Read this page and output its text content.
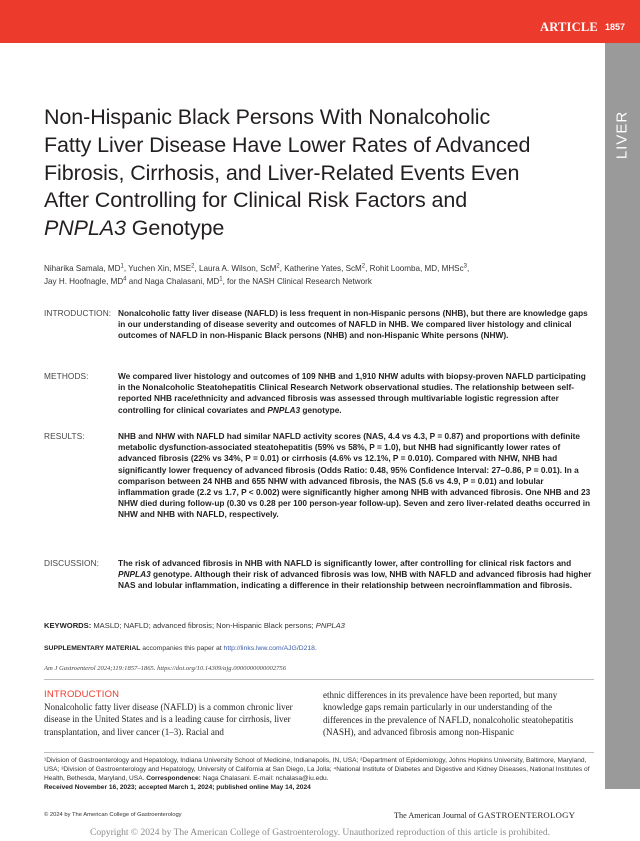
ARTICLE 1857
LIVER
Non-Hispanic Black Persons With Nonalcoholic
Fatty Liver Disease Have Lower Rates of Advanced
Fibrosis, Cirrhosis, and Liver-Related Events Even
After Controlling for Clinical Risk Factors and
PNPLA3 Genotype
Niharika Samala, $MD^1$, Yuchen Xin, MSE$^2$, Laura A. Wilson, ScM$^2$, Katherine Yates, ScM$^2$, Rohit Loomba, MD, MHSc$^3$,
Jay H. Hoofnagle, $MD^4$ and Naga Chalasani, $MD^1$, for the NASH Clinical Research Network
INTRODUCTION: Nonalcoholic fatty liver disease (NAFLD) is less frequent in non-Hispanic persons (NHB), but there are knowledge gaps in our understanding of disease severity and outcomes of NAFLD in NHB. We compared liver histology and clinical outcomes of NAFLD in non-Hispanic Black persons (NHB) and non-Hispanic White persons (NHW).
METHODS:	We compared liver histology and outcomes of 109 NHB and 1,910 NHW adults with biopsy-proven NAFLD participating in the Nonalcoholic Steatohepatitis Clinical Research Network observational studies. The relationship between self-reported NHB race/ethnicity and advanced fibrosis was assessed through multivariable logistic regression after controlling for clinical covariates and PNPLA3 genotype.
RESULTS:	NHB and NHW with NAFLD had similar NAFLD activity scores (NAS, 4.4 vs 4.3, P = 0.87) and proportions with definite metabolic dysfunction-associated steatohepatitis (59% vs 58%, P = 1.0), but NHB had significantly lower rates of advanced fibrosis (22% vs 34%, P = 0.01) or cirrhosis (4.6% vs 12.1%, P = 0.010). Compared with NHW, NHB had significantly lower frequency of advanced fibrosis (Odds Ratio: 0.48, 95% Confidence Interval: 27–0.86, P = 0.01). In a comparison between 24 NHB and 655 NHW with advanced fibrosis, the NAS (5.6 vs 4.9, P = 0.01) and lobular inflammation grade (2.2 vs 1.7, P < 0.002) were significantly higher among NHB with advanced fibrosis. One NHB and 23 NHW died during follow-up (0.30 vs 0.28 per 100 person-year follow-up). Seven and zero liver-related deaths occurred in NHW and NHB with NAFLD, respectively.
DISCUSSION: The risk of advanced fibrosis in NHB with NAFLD is significantly lower, after controlling for clinical risk factors and PNPLA3 genotype. Although their risk of advanced fibrosis was low, NHB with NAFLD and advanced fibrosis had higher NAS and lobular inflammation, indicating a difference in their relationship between necroinflammation and fibrosis.
KEYWORDS: MASLD; NAFLD; advanced fibrosis; Non-Hispanic Black persons; PNPLA3
SUPPLEMENTARY MATERIAL accompanies this paper at http://links.lww.com/AJG/D218.
Am J Gastroenterol 2024;119:1857–1865. https://doi.org/10.14309/ajg.0000000000002756
INTRODUCTION

Nonalcoholic fatty liver disease (NAFLD) is a common chronic liver disease in the United States and is a leading cause for cirrhosis, liver transplantation, and liver cancer (1–3). Racial and

ethnic differences in its prevalence have been reported, but many knowledge gaps remain particularly in our understanding of the differences in the prevalence of NAFLD, nonalcoholic steatohepatitis (NASH), and advanced fibrosis among non-Hispanic

¹Division of Gastroenterology and Hepatology, Indiana University School of Medicine, Indianapolis, IN, USA; ²Department of Epidemiology, Johns Hopkins University, Baltimore, Maryland, USA; ³Division of Gastroenterology and Hepatology, University of California at San Diego, La Jolla; ⁴National Institute of Diabetes and Digestive and Kidney Diseases, National Institutes of Health, Bethesda, Maryland, USA. Correspondence: Naga Chalasani. E-mail: nchalasa@iu.edu.
Received November 16, 2023; accepted March 1, 2024; published online May 14, 2024
© 2024 by The American College of Gastroenterology	The American Journal of GASTROENTEROLOGY
Copyright © 2024 by The American College of Gastroenterology. Unauthorized reproduction of this article is prohibited.
